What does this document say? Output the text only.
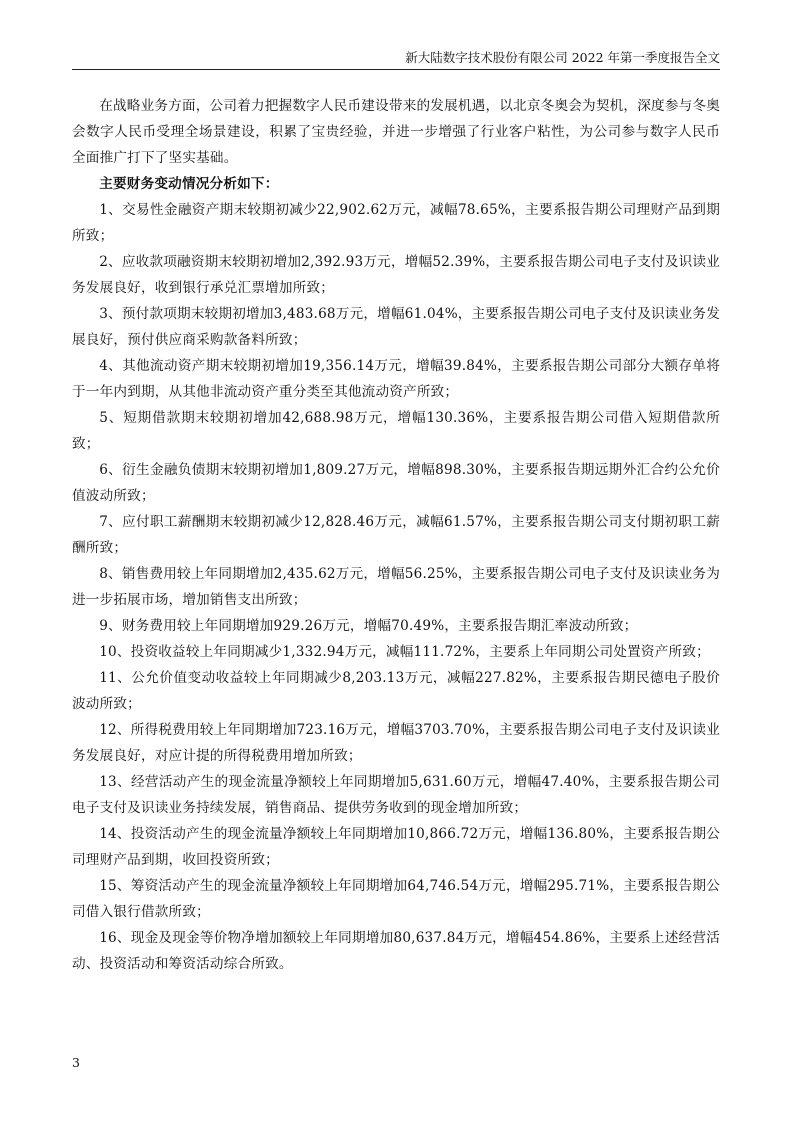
新大陆数字技术股份有限公司 2022 年第一季度报告全文

在战略业务方面，公司着力把握数字人民币建设带来的发展机遇，以北京冬奥会为契机，深度参与冬奥会数字人民币受理全场景建设，积累了宝贵经验，并进一步增强了行业客户粘性，为公司参与数字人民币全面推广打下了坚实基础。

主要财务变动情况分析如下：

1、交易性金融资产期末较期初减少22,902.62万元，减幅78.65%，主要系报告期公司理财产品到期所致；

2、应收款项融资期末较期初增加2,392.93万元，增幅52.39%，主要系报告期公司电子支付及识读业务发展良好，收到银行承兑汇票增加所致；

3、预付款项期末较期初增加3,483.68万元，增幅61.04%，主要系报告期公司电子支付及识读业务发展良好，预付供应商采购款备料所致；

4、其他流动资产期末较期初增加19,356.14万元，增幅39.84%，主要系报告期公司部分大额存单将于一年内到期，从其他非流动资产重分类至其他流动资产所致；

5、短期借款期末较期初增加42,688.98万元，增幅130.36%，主要系报告期公司借入短期借款所致；

6、衍生金融负债期末较期初增加1,809.27万元，增幅898.30%，主要系报告期远期外汇合约公允价值波动所致；

7、应付职工薪酬期末较期初减少12,828.46万元，减幅61.57%，主要系报告期公司支付期初职工薪酬所致；

8、销售费用较上年同期增加2,435.62万元，增幅56.25%，主要系报告期公司电子支付及识读业务为进一步拓展市场，增加销售支出所致；

9、财务费用较上年同期增加929.26万元，增幅70.49%，主要系报告期汇率波动所致；

10、投资收益较上年同期减少1,332.94万元，减幅111.72%，主要系上年同期公司处置资产所致；

11、公允价值变动收益较上年同期减少8,203.13万元，减幅227.82%，主要系报告期民德电子股价波动所致；

12、所得税费用较上年同期增加723.16万元，增幅3703.70%，主要系报告期公司电子支付及识读业务发展良好，对应计提的所得税费用增加所致；

13、经营活动产生的现金流量净额较上年同期增加5,631.60万元，增幅47.40%，主要系报告期公司电子支付及识读业务持续发展，销售商品、提供劳务收到的现金增加所致；

14、投资活动产生的现金流量净额较上年同期增加10,866.72万元，增幅136.80%，主要系报告期公司理财产品到期，收回投资所致；

15、筹资活动产生的现金流量净额较上年同期增加64,746.54万元，增幅295.71%，主要系报告期公司借入银行借款所致；

16、现金及现金等价物净增加额较上年同期增加80,637.84万元，增幅454.86%，主要系上述经营活动、投资活动和筹资活动综合所致。

3
